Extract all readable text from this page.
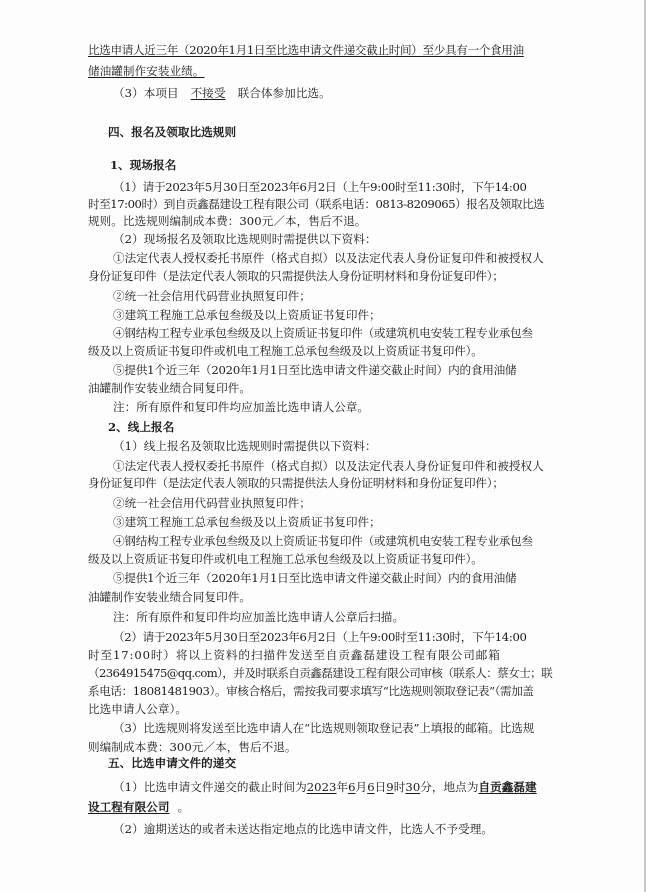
比选申请人近三年（2020年1月1日至比选申请文件递交截止时间）至少具有一个食用油
储油罐制作安装业绩。
（3）本项目 不接受 联合体参加比选。
四、报名及领取比选规则
1、现场报名
（1）请于2023年5月30日至2023年6月2日（上午9:00时至11:30时，下午14:00
时至17:00时）到自贡鑫磊建设工程有限公司（联系电话：0813-8209065）报名及领取比选
规则。比选规则编制成本费：300元／本，售后不退。
（2）现场报名及领取比选规则时需提供以下资料：
①法定代表人授权委托书原件（格式自拟）以及法定代表人身份证复印件和被授权人
身份证复印件（是法定代表人领取的只需提供法人身份证明材料和身份证复印件）；
②统一社会信用代码营业执照复印件；
③建筑工程施工总承包叁级及以上资质证书复印件；
④钢结构工程专业承包叁级及以上资质证书复印件（或建筑机电安装工程专业承包叁
级及以上资质证书复印件或机电工程施工总承包叁级及以上资质证书复印件）。
⑤提供1个近三年（2020年1月1日至比选申请文件递交截止时间）内的食用油储
油罐制作安装业绩合同复印件。
注：所有原件和复印件均应加盖比选申请人公章。
2、线上报名
（1）线上报名及领取比选规则时需提供以下资料：
①法定代表人授权委托书原件（格式自拟）以及法定代表人身份证复印件和被授权人
身份证复印件（是法定代表人领取的只需提供法人身份证明材料和身份证复印件）；
②统一社会信用代码营业执照复印件；
③建筑工程施工总承包叁级及以上资质证书复印件；
④钢结构工程专业承包叁级及以上资质证书复印件（或建筑机电安装工程专业承包叁
级及以上资质证书复印件或机电工程施工总承包叁级及以上资质证书复印件）。
⑤提供1个近三年（2020年1月1日至比选申请文件递交截止时间）内的食用油储
油罐制作安装业绩合同复印件。
注：所有原件和复印件均应加盖比选申请人公章后扫描。
（2）请于2023年5月30日至2023年6月2日（上午9:00时至11:30时，下午14:00
时至17:00时）将以上资料的扫描件发送至自贡鑫磊建设工程有限公司邮箱
（2364915475@qq.com），并及时联系自贡鑫磊建设工程有限公司审核（联系人：蔡女士；联
系电话：18081481903）。审核合格后，需按我司要求填写“比选规则领取登记表”（需加盖
比选申请人公章）。
（3）比选规则将发送至比选申请人在“比选规则领取登记表”上填报的邮箱。比选规
则编制成本费：300元／本，售后不退。
五、比选申请文件的递交
（1）比选申请文件递交的截止时间为2023年6月6日9时30分，地点为自贡鑫磊建
设工程有限公司 。
（2）逾期送达的或者未送达指定地点的比选申请文件，比选人不予受理。
